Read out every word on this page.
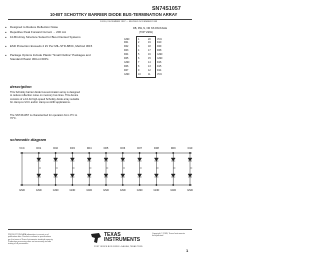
SN74S1057
10-BIT SCHOTTKY BARRIER DIODE BUS-TERMINATION ARRAY
D3150, DECEMBER 1987 — REVISED NOVEMBER 1989
● Designed to Reduce Reflection Noise
● Repetitive Peak Forward Current ... 200 mA
● 10-Bit Array Structure Suited for Bus-Oriented Systems
● ESD Protection Exceeds 2 kV Per MIL-STD-883C, Method 3015
● Package Options Include Plastic "Small Outline" Packages and Standard Plastic 300-mil DIPs
DB, DW, N, OR NS PACKAGE
(TOP VIEW)
GND	1
D01	2
D02	3
D03	4
D04	5
D05	6
GND	7
D06	8
D07	9
GND	10
20	VCC
19	D10
18	D09
17	D08
16	GND
15	GND
14	D16
13	D15
12	D14
11	VCC
description
This Schottky barrier diode bus-termination array is designed to reduce reflection noise on memory bus lines. This device consists of a 10-bit high-speed Schottky diode array suitable for clamp-to-VCC and/or clamp-to-GND applications.
The SN74S1057 is characterized for operation from 0°C to 70°C.
schematic diagram
VCC	D01	D02	D03	D04	D05	D06	D07	D08	D09	D10
GND	GND	GND	GND	GND	GND	GND	GND	GND	GND	GND
PRODUCTION DATA information is current as of publication date. Products conform to specifications per the terms of Texas Instruments standard warranty. Production processing does not necessarily include testing of all parameters.
TEXAS
INSTRUMENTS
POST OFFICE BOX 655303 • DALLAS, TEXAS 75265
Copyright © 1989, Texas Instruments Incorporated
1
